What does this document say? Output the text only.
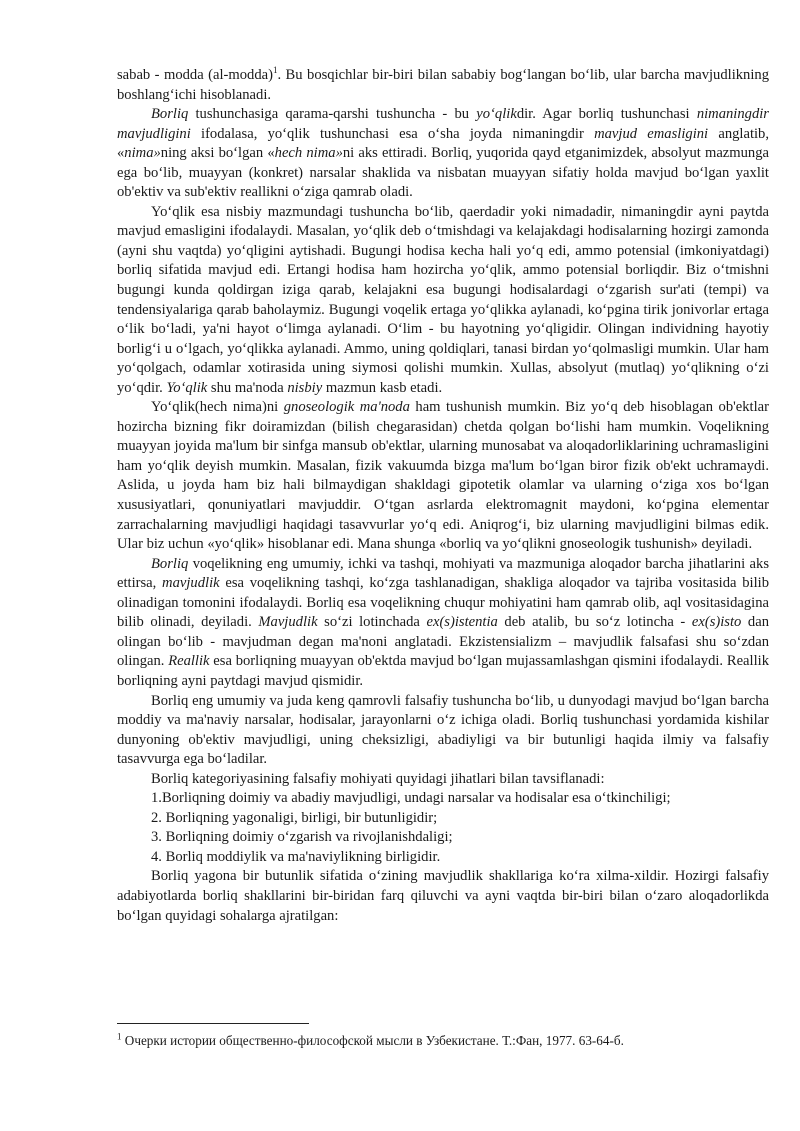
sabab - modda (al-modda)$^1$. Bu bosqichlar bir-biri bilan sababiy bog‘langan bo‘lib, ular barcha mavjudlikning boshlang‘ichi hisoblanadi.

Borliq tushunchasiga qarama-qarshi tushuncha - bu yo‘qlikdir. Agar borliq tushunchasi nimaningdir mavjudligini ifodalasa, yo‘qlik tushunchasi esa o‘sha joyda nimaningdir mavjud emasligini anglatib, «nima»ning aksi bo‘lgan «hech nima»ni aks ettiradi. Borliq, yuqorida qayd etganimizdek, absolyut mazmunga ega bo‘lib, muayyan (konkret) narsalar shaklida va nisbatan muayyan sifatiy holda mavjud bo‘lgan yaxlit ob'ektiv va sub'ektiv reallikni o‘ziga qamrab oladi.

Yo‘qlik esa nisbiy mazmundagi tushuncha bo‘lib, qaerdadir yoki nimadadir, nimaningdir ayni paytda mavjud emasligini ifodalaydi. Masalan, yo‘qlik deb o‘tmishdagi va kelajakdagi hodisalarning hozirgi zamonda (ayni shu vaqtda) yo‘qligini aytishadi. Bugungi hodisa kecha hali yo‘q edi, ammo potensial (imkoniyatdagi) borliq sifatida mavjud edi. Ertangi hodisa ham hozircha yo‘qlik, ammo potensial borliqdir. Biz o‘tmishni bugungi kunda qoldirgan iziga qarab, kelajakni esa bugungi hodisalardagi o‘zgarish sur'ati (tempi) va tendensiyalariga qarab baholaymiz. Bugungi voqelik ertaga yo‘qlikka aylanadi, ko‘pgina tirik jonivorlar ertaga o‘lik bo‘ladi, ya'ni hayot o‘limga aylanadi. O‘lim - bu hayotning yo‘qligidir. Olingan individning hayotiy borlig‘i u o‘lgach, yo‘qlikka aylanadi. Ammo, uning qoldiqlari, tanasi birdan yo‘qolmasligi mumkin. Ular ham yo‘qolgach, odamlar xotirasida uning siymosi qolishi mumkin. Xullas, absolyut (mutlaq) yo‘qlikning o‘zi yo‘qdir. Yo‘qlik shu ma'noda nisbiy mazmun kasb etadi.

Yo‘qlik(hech nima)ni gnoseologik ma'noda ham tushunish mumkin. Biz yo‘q deb hisoblagan ob'ektlar hozircha bizning fikr doiramizdan (bilish chegarasidan) chetda qolgan bo‘lishi ham mumkin. Voqelikning muayyan joyida ma'lum bir sinfga mansub ob'ektlar, ularning munosabat va aloqadorliklarining uchramasligini ham yo‘qlik deyish mumkin. Masalan, fizik vakuumda bizga ma'lum bo‘lgan biror fizik ob'ekt uchramaydi. Aslida, u joyda ham biz hali bilmaydigan shakldagi gipotetik olamlar va ularning o‘ziga xos bo‘lgan xususiyatlari, qonuniyatlari mavjuddir. O‘tgan asrlarda elektromagnit maydoni, ko‘pgina elementar zarrachalarning mavjudligi haqidagi tasavvurlar yo‘q edi. Aniqrog‘i, biz ularning mavjudligini bilmas edik. Ular biz uchun «yo‘qlik» hisoblanar edi. Mana shunga «borliq va yo‘qlikni gnoseologik tushunish» deyiladi.

Borliq voqelikning eng umumiy, ichki va tashqi, mohiyati va mazmuniga aloqador barcha jihatlarini aks ettirsa, mavjudlik esa voqelikning tashqi, ko‘zga tashlanadigan, shakliga aloqador va tajriba vositasida bilib olinadigan tomonini ifodalaydi. Borliq esa voqelikning chuqur mohiyatini ham qamrab olib, aql vositasidagina bilib olinadi, deyiladi. Mavjudlik so‘zi lotinchada ex(s)istentia deb atalib, bu so‘z lotincha - ex(s)isto dan olingan bo‘lib - mavjudman degan ma'noni anglatadi. Ekzistensializm – mavjudlik falsafasi shu so‘zdan olingan. Reallik esa borliqning muayyan ob'ektda mavjud bo‘lgan mujassamlashgan qismini ifodalaydi. Reallik borliqning ayni paytdagi mavjud qismidir.

Borliq eng umumiy va juda keng qamrovli falsafiy tushuncha bo‘lib, u dunyodagi mavjud bo‘lgan barcha moddiy va ma'naviy narsalar, hodisalar, jarayonlarni o‘z ichiga oladi. Borliq tushunchasi yordamida kishilar dunyoning ob'ektiv mavjudligi, uning cheksizligi, abadiyligi va bir butunligi haqida ilmiy va falsafiy tasavvurga ega bo‘ladilar.

Borliq kategoriyasining falsafiy mohiyati quyidagi jihatlari bilan tavsiflanadi:

1.Borliqning doimiy va abadiy mavjudligi, undagi narsalar va hodisalar esa o‘tkinchiligi;

2. Borliqning yagonaligi, birligi, bir butunligidir;

3. Borliqning doimiy o‘zgarish va rivojlanishdaligi;

4. Borliq moddiylik va ma'naviylikning birligidir.

Borliq yagona bir butunlik sifatida o‘zining mavjudlik shakllariga ko‘ra xilma-xildir. Hozirgi falsafiy adabiyotlarda borliq shakllarini bir-biridan farq qiluvchi va ayni vaqtda bir-biri bilan o‘zaro aloqadorlikda bo‘lgan quyidagi sohalarga ajratilgan:

$^1$ Очерки истории общественно-философской мысли в Узбекистане. Т.:Фан, 1977. 63-64-б.
